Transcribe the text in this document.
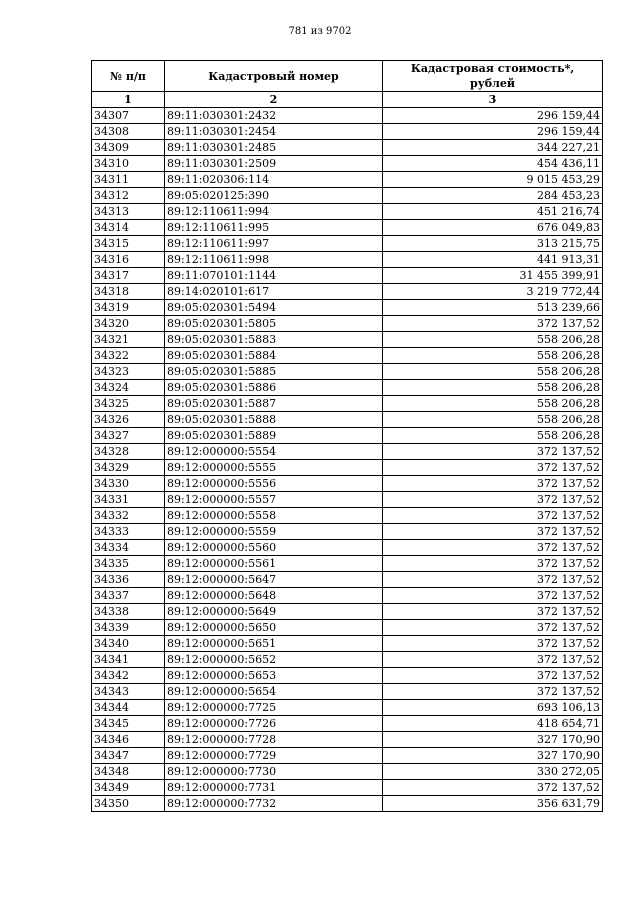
781 из 9702
№ п/п	Кадастровый номер	Кадастровая стоимость*,
рублей

1	2	3
34307	89:11:030301:2432	296 159,44
34308	89:11:030301:2454	296 159,44
34309	89:11:030301:2485	344 227,21
34310	89:11:030301:2509	454 436,11
34311	89:11:020306:114	9 015 453,29
34312	89:05:020125:390	284 453,23
34313	89:12:110611:994	451 216,74
34314	89:12:110611:995	676 049,83
34315	89:12:110611:997	313 215,75
34316	89:12:110611:998	441 913,31
34317	89:11:070101:1144	31 455 399,91
34318	89:14:020101:617	3 219 772,44
34319	89:05:020301:5494	513 239,66
34320	89:05:020301:5805	372 137,52
34321	89:05:020301:5883	558 206,28
34322	89:05:020301:5884	558 206,28
34323	89:05:020301:5885	558 206,28
34324	89:05:020301:5886	558 206,28
34325	89:05:020301:5887	558 206,28
34326	89:05:020301:5888	558 206,28
34327	89:05:020301:5889	558 206,28
34328	89:12:000000:5554	372 137,52
34329	89:12:000000:5555	372 137,52
34330	89:12:000000:5556	372 137,52
34331	89:12:000000:5557	372 137,52
34332	89:12:000000:5558	372 137,52
34333	89:12:000000:5559	372 137,52
34334	89:12:000000:5560	372 137,52
34335	89:12:000000:5561	372 137,52
34336	89:12:000000:5647	372 137,52
34337	89:12:000000:5648	372 137,52
34338	89:12:000000:5649	372 137,52
34339	89:12:000000:5650	372 137,52
34340	89:12:000000:5651	372 137,52
34341	89:12:000000:5652	372 137,52
34342	89:12:000000:5653	372 137,52
34343	89:12:000000:5654	372 137,52
34344	89:12:000000:7725	693 106,13
34345	89:12:000000:7726	418 654,71
34346	89:12:000000:7728	327 170,90
34347	89:12:000000:7729	327 170,90
34348	89:12:000000:7730	330 272,05
34349	89:12:000000:7731	372 137,52
34350	89:12:000000:7732	356 631,79
